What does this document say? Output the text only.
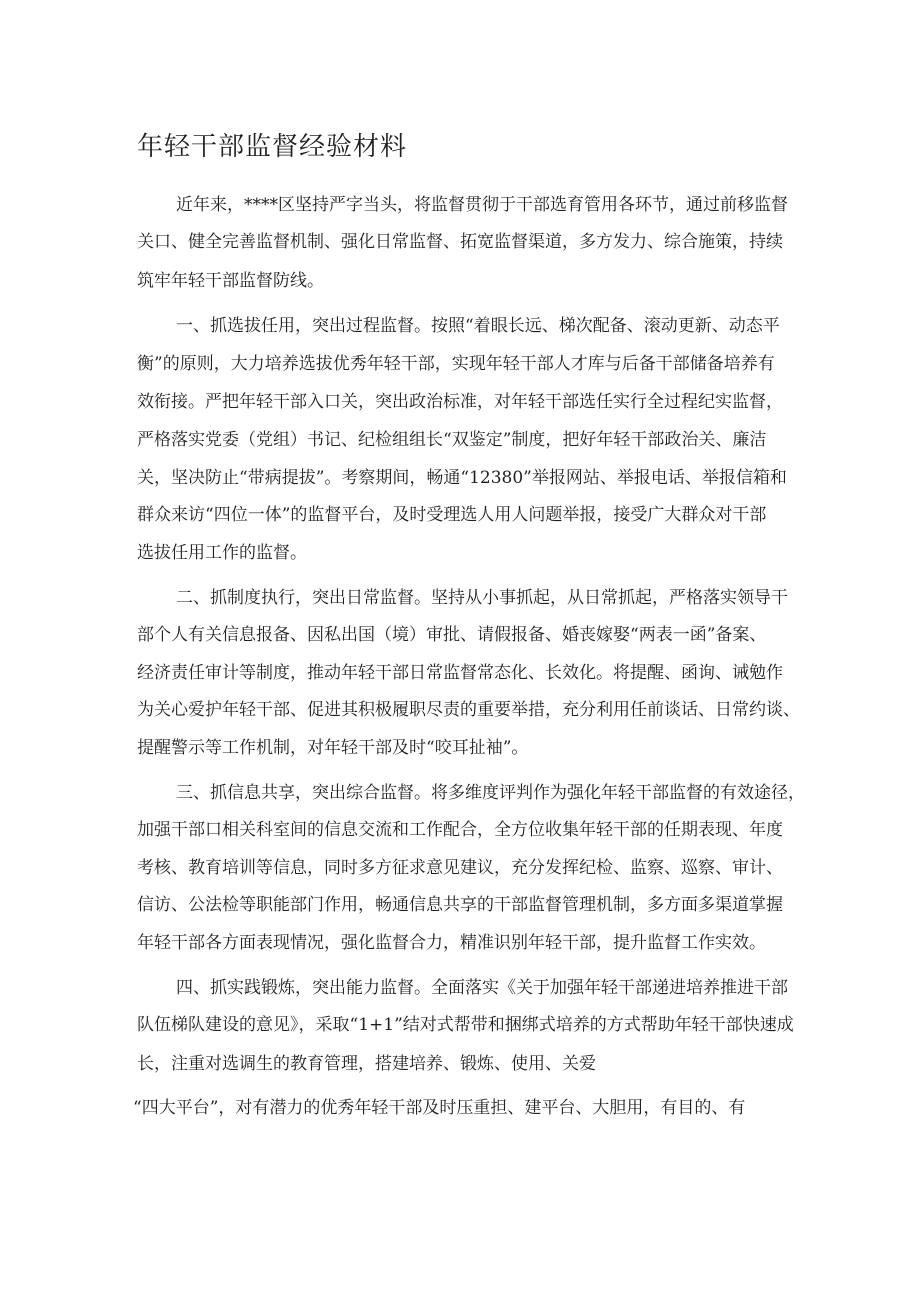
年轻干部监督经验材料
近年来，****区坚持严字当头，将监督贯彻于干部选育管用各环节，通过前移监督
关口、健全完善监督机制、强化日常监督、拓宽监督渠道，多方发力、综合施策，持续
筑牢年轻干部监督防线。
一、抓选拔任用，突出过程监督。按照“着眼长远、梯次配备、滚动更新、动态平
衡”的原则，大力培养选拔优秀年轻干部，实现年轻干部人才库与后备干部储备培养有
效衔接。严把年轻干部入口关，突出政治标准，对年轻干部选任实行全过程纪实监督，
严格落实党委（党组）书记、纪检组组长“双鉴定”制度，把好年轻干部政治关、廉洁
关，坚决防止“带病提拔”。考察期间，畅通“12380”举报网站、举报电话、举报信箱和
群众来访“四位一体”的监督平台，及时受理选人用人问题举报，接受广大群众对干部
选拔任用工作的监督。
二、抓制度执行，突出日常监督。坚持从小事抓起，从日常抓起，严格落实领导干
部个人有关信息报备、因私出国（境）审批、请假报备、婚丧嫁娶“两表一函”备案、
经济责任审计等制度，推动年轻干部日常监督常态化、长效化。将提醒、函询、诫勉作
为关心爱护年轻干部、促进其积极履职尽责的重要举措，充分利用任前谈话、日常约谈、
提醒警示等工作机制，对年轻干部及时“咬耳扯袖”。
三、抓信息共享，突出综合监督。将多维度评判作为强化年轻干部监督的有效途径，
加强干部口相关科室间的信息交流和工作配合，全方位收集年轻干部的任期表现、年度
考核、教育培训等信息，同时多方征求意见建议，充分发挥纪检、监察、巡察、审计、
信访、公法检等职能部门作用，畅通信息共享的干部监督管理机制，多方面多渠道掌握
年轻干部各方面表现情况，强化监督合力，精准识别年轻干部，提升监督工作实效。
四、抓实践锻炼，突出能力监督。全面落实《关于加强年轻干部递进培养推进干部
队伍梯队建设的意见》，采取“1+1”结对式帮带和捆绑式培养的方式帮助年轻干部快速成
长，注重对选调生的教育管理，搭建培养、锻炼、使用、关爱
“四大平台”，对有潜力的优秀年轻干部及时压重担、建平台、大胆用，有目的、有
